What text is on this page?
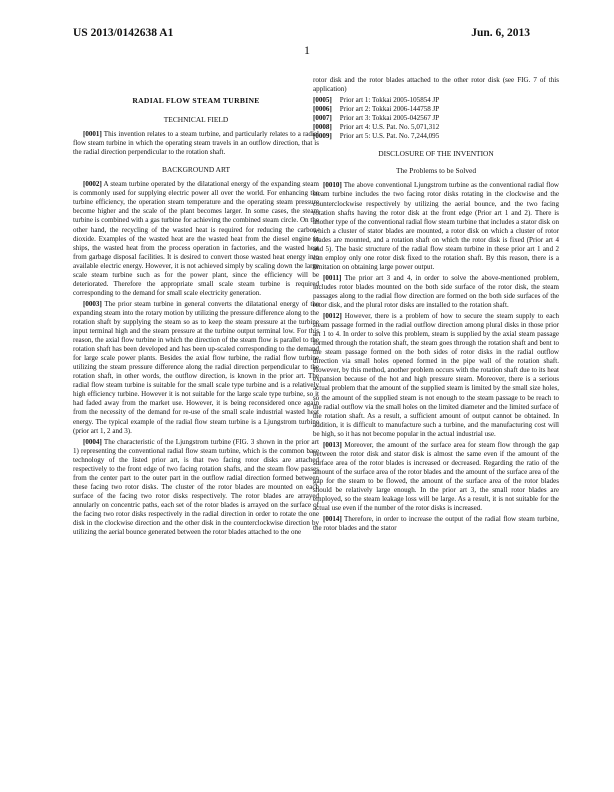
US 2013/0142638 A1	Jun. 6, 2013
1
RADIAL FLOW STEAM TURBINE
TECHNICAL FIELD

[0001] This invention relates to a steam turbine, and particularly relates to a radial flow steam turbine in which the operating steam travels in an outflow direction, that is the radial direction perpendicular to the rotation shaft.

BACKGROUND ART

[0002] A steam turbine operated by the dilatational energy of the expanding steam is commonly used for supplying electric power all over the world. For enhancing the turbine efficiency, the operation steam temperature and the operating steam pressure become higher and the scale of the plant becomes larger. In some cases, the steam turbine is combined with a gas turbine for achieving the combined steam circle. On the other hand, the recycling of the wasted heat is required for reducing the carbon-dioxide. Examples of the wasted heat are the wasted heat from the diesel engine in ships, the wasted heat from the process operation in factories, and the wasted heat from garbage disposal facilities. It is desired to convert those wasted heat energy into available electric energy. However, it is not achieved simply by scaling down the large scale steam turbine such as for the power plant, since the efficiency will be deteriorated. Therefore the appropriate small scale steam turbine is required corresponding to the demand for small scale electricity generation.

[0003] The prior steam turbine in general converts the dilatational energy of the expanding steam into the rotary motion by utilizing the pressure difference along to the rotation shaft by supplying the steam so as to keep the steam pressure at the turbine input terminal high and the steam pressure at the turbine output terminal low. For this reason, the axial flow turbine in which the direction of the steam flow is parallel to the rotation shaft has been developed and has been up-scaled corresponding to the demand for large scale power plants. Besides the axial flow turbine, the radial flow turbine utilizing the steam pressure difference along the radial direction perpendicular to the rotation shaft, in other words, the outflow direction, is known in the prior art. The radial flow steam turbine is suitable for the small scale type turbine and is a relatively high efficiency turbine. However it is not suitable for the large scale type turbine, so it had faded away from the market use. However, it is being reconsidered once again from the necessity of the demand for re-use of the small scale industrial wasted heat energy. The typical example of the radial flow steam turbine is a Ljungstrom turbine (prior art 1, 2 and 3).

[0004] The characteristic of the Ljungstrom turbine (FIG. 3 shown in the prior art 1) representing the conventional radial flow steam turbine, which is the common base technology of the listed prior art, is that two facing rotor disks are attached respectively to the front edge of two facing rotation shafts, and the steam flow passes from the center part to the outer part in the outflow radial direction formed between these facing two rotor disks. The cluster of the rotor blades are mounted on each surface of the facing two rotor disks respectively. The rotor blades are arrayed annularly on concentric paths, each set of the rotor blades is arrayed on the surface of the facing two rotor disks respectively in the radial direction in order to rotate the one disk in the clockwise direction and the other disk in the counterclockwise direction by utilizing the aerial bounce generated between the rotor blades attached to the one

rotor disk and the rotor blades attached to the other rotor disk (see FIG. 7 of this application)

[0005] Prior art 1: Tokkai 2005-105854 JP

[0006] Prior art 2: Tokkai 2006-144758 JP

[0007] Prior art 3: Tokkai 2005-042567 JP

[0008] Prior art 4: U.S. Pat. No. 5,071,312

[0009] Prior art 5: U.S. Pat. No. 7,244,095

DISCLOSURE OF THE INVENTION
The Problems to be Solved

[0010] The above conventional Ljungstrom turbine as the conventional radial flow steam turbine includes the two facing rotor disks rotating in the clockwise and the counterclockwise respectively by utilizing the aerial bounce, and the two facing rotation shafts having the rotor disk at the front edge (Prior art 1 and 2). There is another type of the conventional radial flow steam turbine that includes a stator disk on which a cluster of stator blades are mounted, a rotor disk on which a cluster of rotor blades are mounted, and a rotation shaft on which the rotor disk is fixed (Prior art 4 and 5). The basic structure of the radial flow steam turbine in these prior art 1 and 2 can employ only one rotor disk fixed to the rotation shaft. By this reason, there is a limitation on obtaining large power output.

[0011] The prior art 3 and 4, in order to solve the above-mentioned problem, includes rotor blades mounted on the both side surface of the rotor disk, the steam passages along to the radial flow direction are formed on the both side surfaces of the rotor disk, and the plural rotor disks are installed to the rotation shaft.

[0012] However, there is a problem of how to secure the steam supply to each steam passage formed in the radial outflow direction among plural disks in those prior art 1 to 4. In order to solve this problem, steam is supplied by the axial steam passage formed through the rotation shaft, the steam goes through the rotation shaft and bent to the steam passage formed on the both sides of rotor disks in the radial outflow direction via small holes opened formed in the pipe wall of the rotation shaft. However, by this method, another problem occurs with the rotation shaft due to its heat expansion because of the hot and high pressure steam. Moreover, there is a serious actual problem that the amount of the supplied steam is limited by the small size holes, so the amount of the supplied steam is not enough to the steam passage to be reach to the radial outflow via the small holes on the limited diameter and the limited surface of the rotation shaft. As a result, a sufficient amount of output cannot be obtained. In addition, it is difficult to manufacture such a turbine, and the manufacturing cost will be high, so it has not become popular in the actual industrial use.

[0013] Moreover, the amount of the surface area for steam flow through the gap between the rotor disk and stator disk is almost the same even if the amount of the surface area of the rotor blades is increased or decreased. Regarding the ratio of the amount of the surface area of the rotor blades and the amount of the surface area of the gap for the steam to be flowed, the amount of the surface area of the rotor blades should be relatively large enough. In the prior art 3, the small rotor blades are employed, so the steam leakage loss will be large. As a result, it is not suitable for the actual use even if the number of the rotor disks is increased.

[0014] Therefore, in order to increase the output of the radial flow steam turbine, the rotor blades and the stator
